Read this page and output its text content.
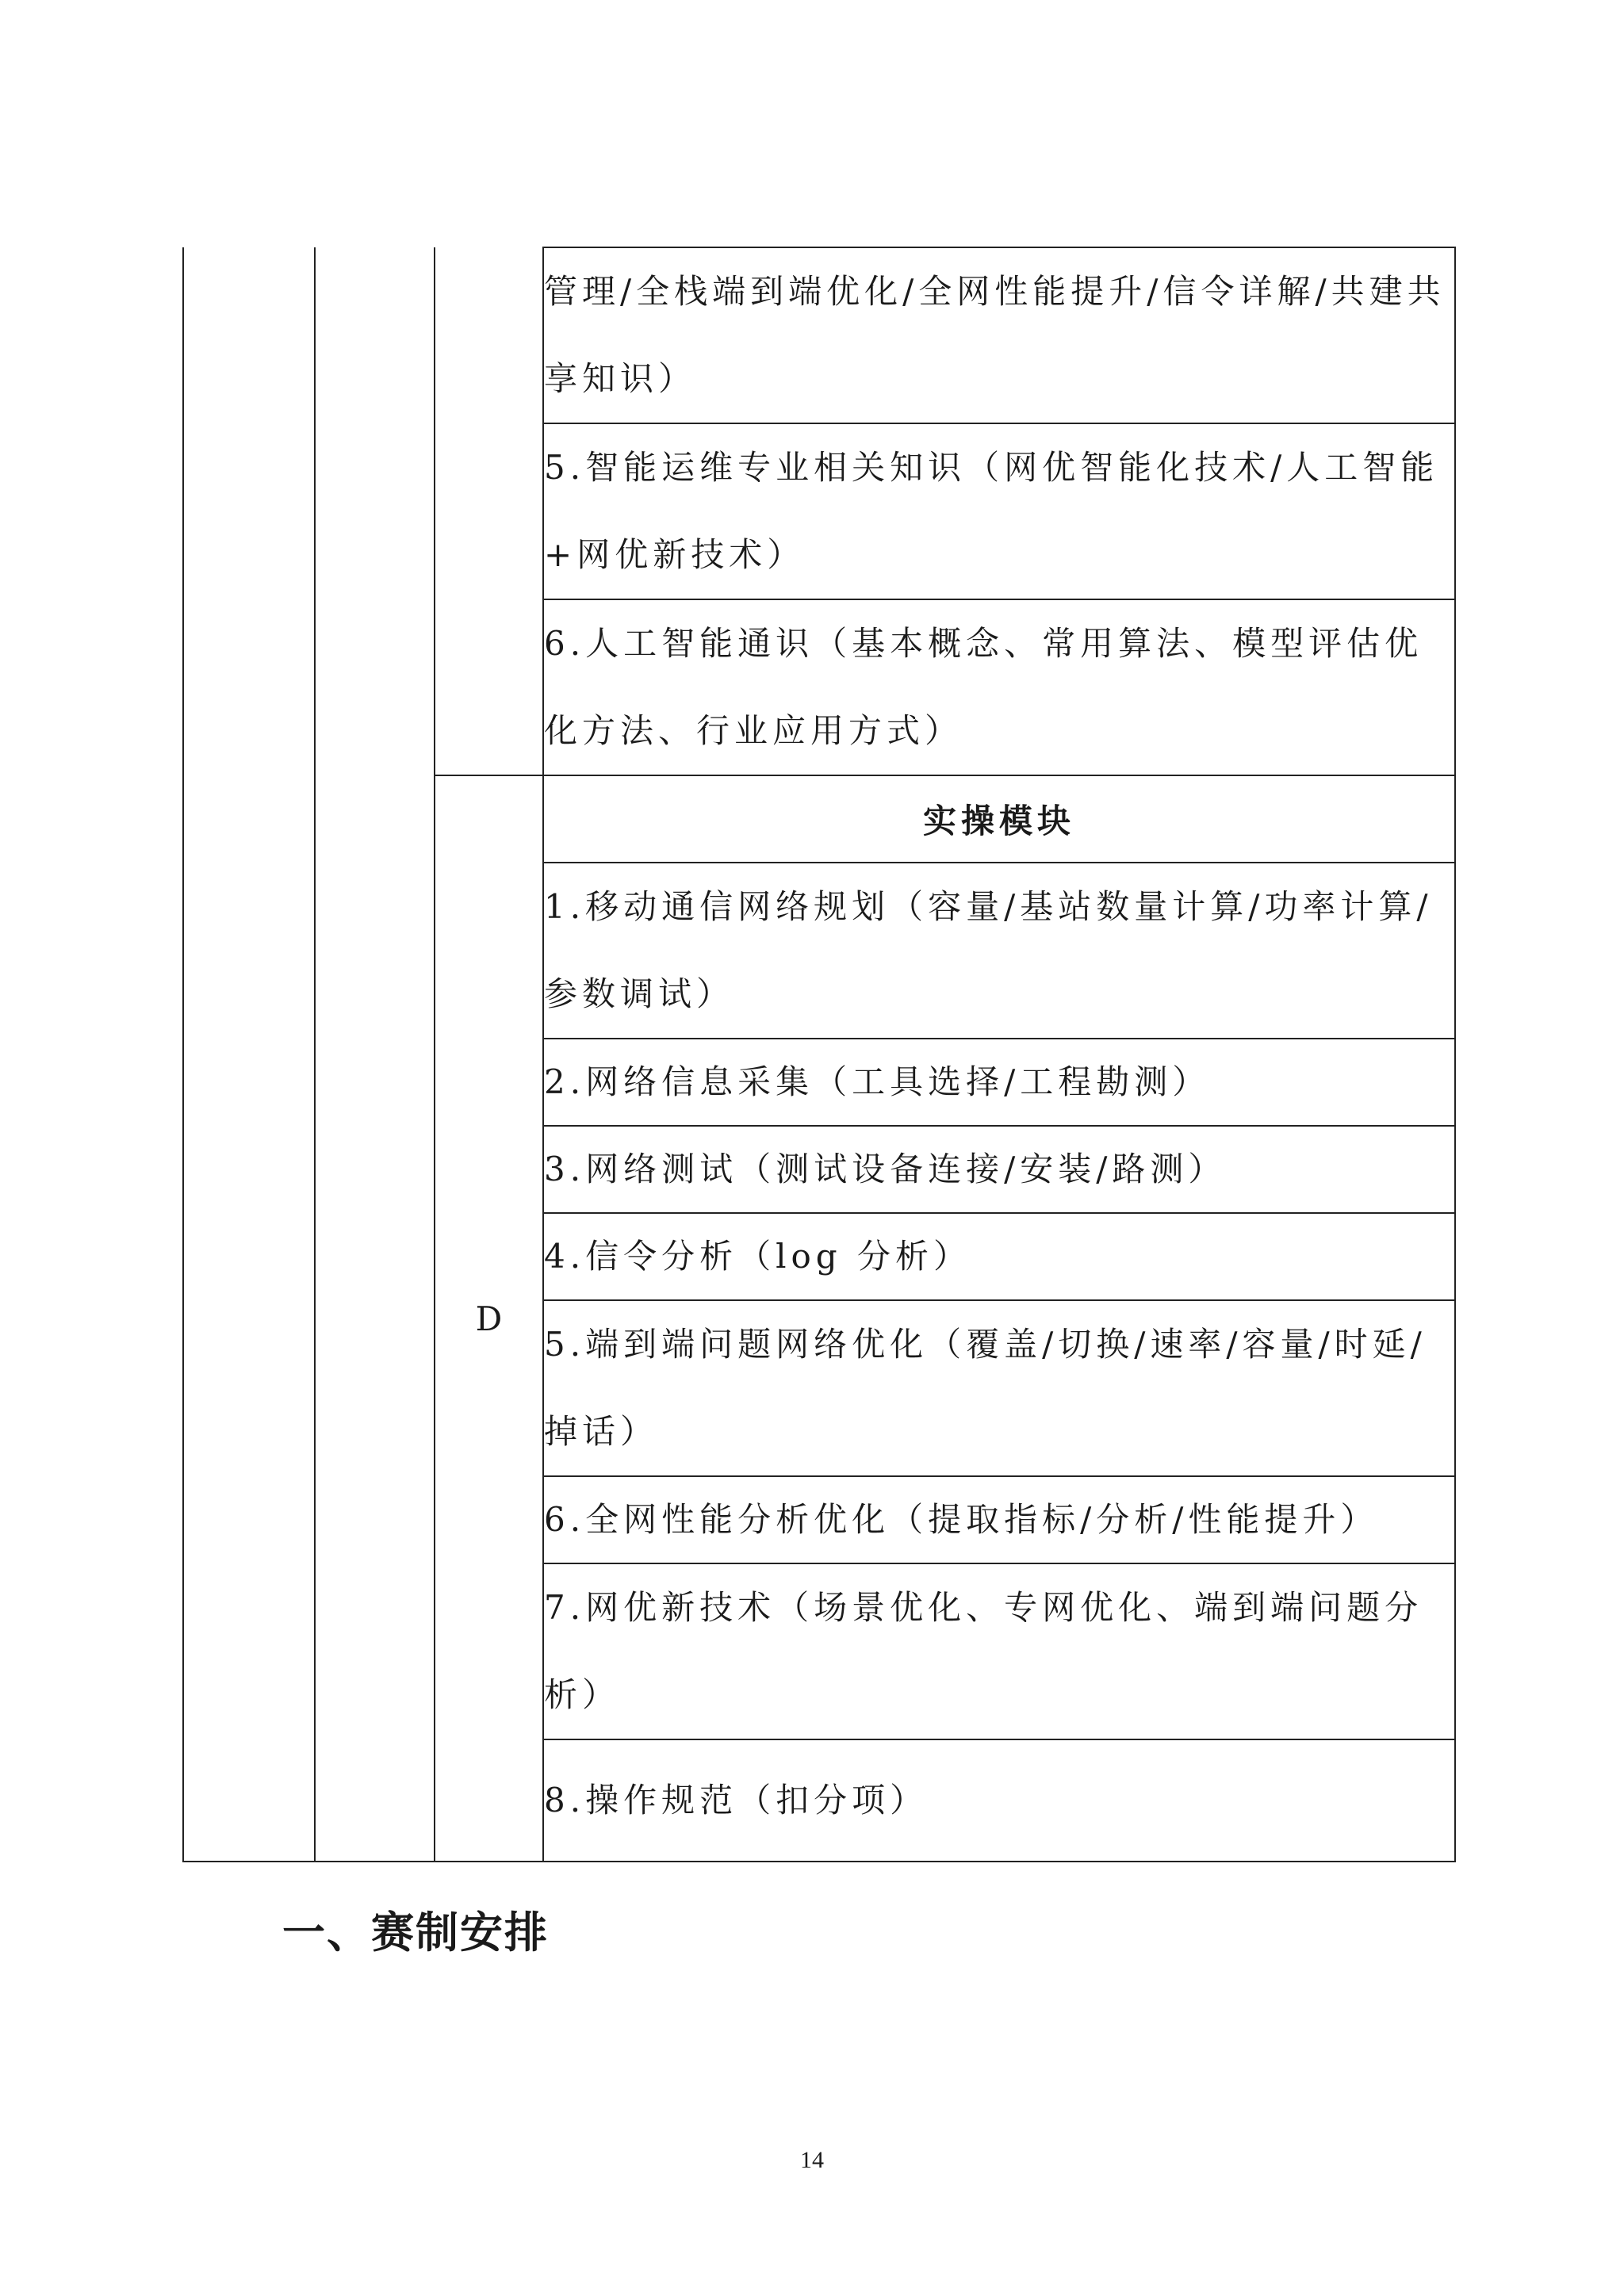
			管理/全栈端到端优化/全网性能提升/信令详解/共建共享知识）
			5.智能运维专业相关知识（网优智能化技术/人工智能+网优新技术）
			6.人工智能通识（基本概念、常用算法、模型评估优化方法、行业应用方式）
		D	实操模块
			1.移动通信网络规划（容量/基站数量计算/功率计算/参数调试）
			2.网络信息采集（工具选择/工程勘测）
			3.网络测试（测试设备连接/安装/路测）
			4.信令分析（log 分析）
			5.端到端问题网络优化（覆盖/切换/速率/容量/时延/掉话）
			6.全网性能分析优化（提取指标/分析/性能提升）
			7.网优新技术（场景优化、专网优化、端到端问题分析）
			8.操作规范（扣分项）
一、赛制安排
14
